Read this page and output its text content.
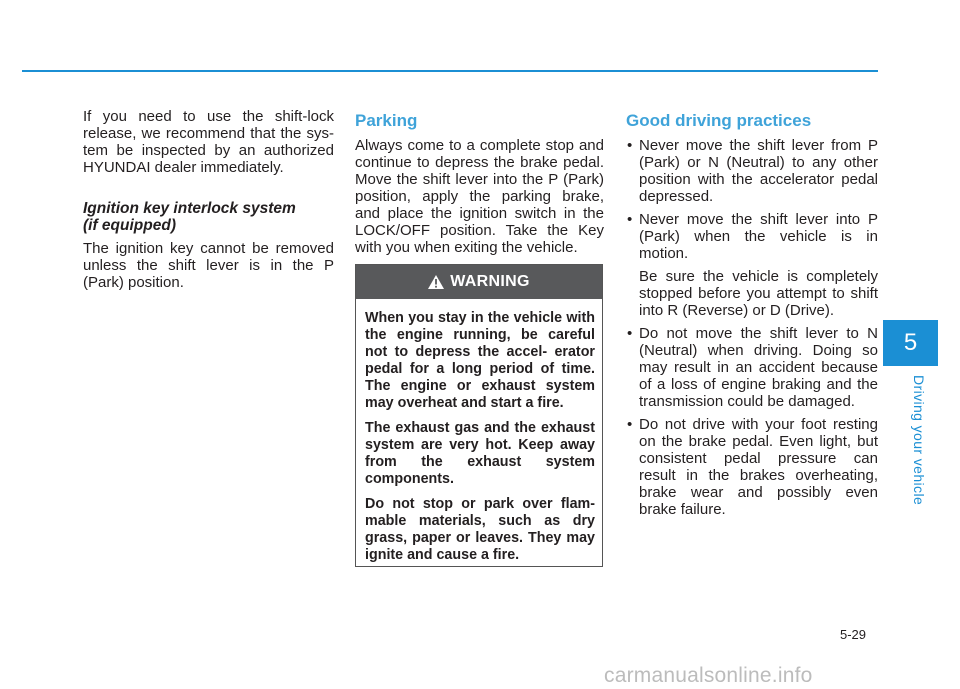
If you need to use the shift-lock release, we recommend that the sys- tem be inspected by an authorized HYUNDAI dealer immediately.

Ignition key interlock system
(if equipped)

The ignition key cannot be removed unless the shift lever is in the P (Park) position.

Parking

Always come to a complete stop and continue to depress the brake pedal. Move the shift lever into the P (Park) position, apply the parking brake, and place the ignition switch in the LOCK/OFF position. Take the Key with you when exiting the vehicle.

WARNING

When you stay in the vehicle with the engine running, be careful not to depress the accel- erator pedal for a long period of time. The engine or exhaust system may overheat and start a fire.

The exhaust gas and the exhaust system are very hot. Keep away from the exhaust system components.

Do not stop or park over flam- mable materials, such as dry grass, paper or leaves. They may ignite and cause a fire.

Good driving practices
• Never move the shift lever from P (Park) or N (Neutral) to any other position with the accelerator pedal depressed.
• Never move the shift lever into P (Park) when the vehicle is in motion.
Be sure the vehicle is completely stopped before you attempt to shift into R (Reverse) or D (Drive).
• Do not move the shift lever to N (Neutral) when driving. Doing so may result in an accident because of a loss of engine braking and the transmission could be damaged.
• Do not drive with your foot resting on the brake pedal. Even light, but consistent pedal pressure can result in the brakes overheating, brake wear and possibly even brake failure.
5
Driving your vehicle
5-29
carmanualsonline.info
